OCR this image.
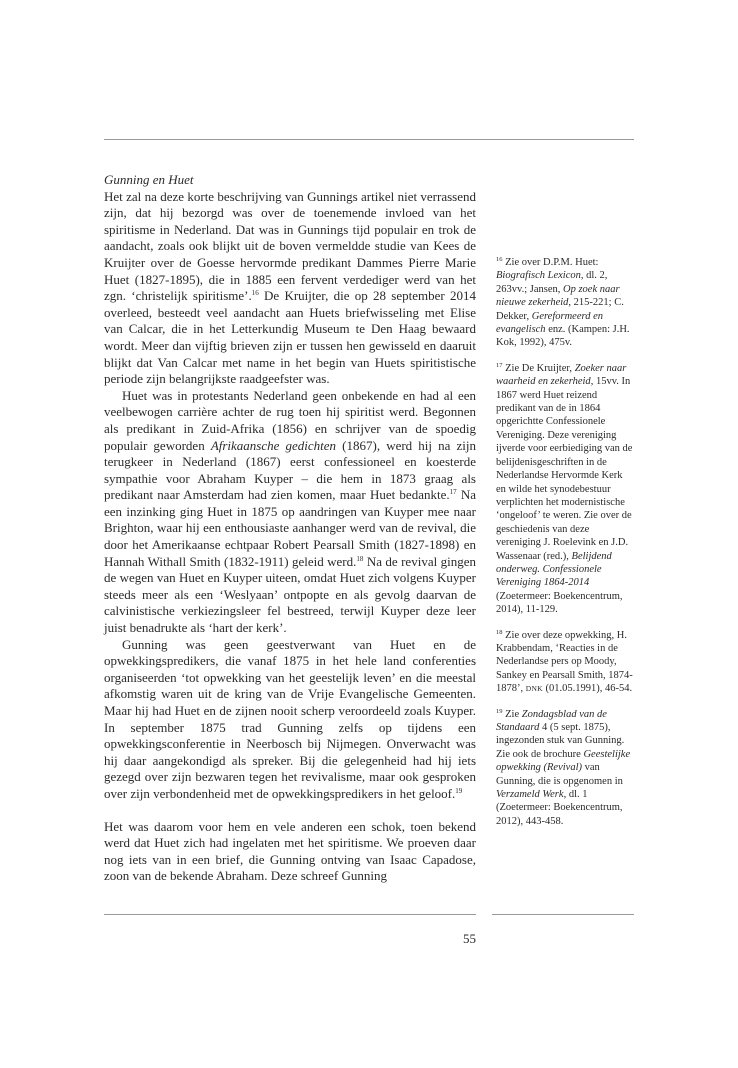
Gunning en Huet

Het zal na deze korte beschrijving van Gunnings artikel niet verrassend zijn, dat hij bezorgd was over de toenemende invloed van het spiritisme in Nederland. Dat was in Gunnings tijd populair en trok de aandacht, zoals ook blijkt uit de boven vermeldde studie van Kees de Kruijter over de Goesse hervormde predikant Dammes Pierre Marie Huet (1827-1895), die in 1885 een fervent verdediger werd van het zgn. ‘christelijk spiritisme’.$^{16}$ De Kruijter, die op 28 september 2014 overleed, besteedt veel aandacht aan Huets briefwisseling met Elise van Calcar, die in het Letterkundig Museum te Den Haag bewaard wordt. Meer dan vijftig brieven zijn er tussen hen gewisseld en daaruit blijkt dat Van Calcar met name in het begin van Huets spiritistische periode zijn belangrijkste raadgeefster was.

Huet was in protestants Nederland geen onbekende en had al een veelbewogen carrière achter de rug toen hij spiritist werd. Begonnen als predikant in Zuid-Afrika (1856) en schrijver van de spoedig populair geworden Afrikaansche gedichten (1867), werd hij na zijn terugkeer in Nederland (1867) eerst confessioneel en koesterde sympathie voor Abraham Kuyper – die hem in 1873 graag als predikant naar Amsterdam had zien komen, maar Huet bedankte.$^{17}$ Na een inzinking ging Huet in 1875 op aandringen van Kuyper mee naar Brighton, waar hij een enthousiaste aanhanger werd van de revival, die door het Amerikaanse echtpaar Robert Pearsall Smith (1827-1898) en Hannah Withall Smith (1832-1911) geleid werd.$^{18}$ Na de revival gingen de wegen van Huet en Kuyper uiteen, omdat Huet zich volgens Kuyper steeds meer als een ‘Weslyaan’ ontpopte en als gevolg daarvan de calvinistische verkiezingsleer fel bestreed, terwijl Kuyper deze leer juist benadrukte als ‘hart der kerk’.

Gunning was geen geestverwant van Huet en de opwekkingspredikers, die vanaf 1875 in het hele land conferenties organiseerden ‘tot opwekking van het geestelijk leven’ en die meestal afkomstig waren uit de kring van de Vrije Evangelische Gemeenten. Maar hij had Huet en de zijnen nooit scherp veroordeeld zoals Kuyper. In september 1875 trad Gunning zelfs op tijdens een opwekkingsconferentie in Neerbosch bij Nijmegen. Onverwacht was hij daar aangekondigd als spreker. Bij die gelegenheid had hij iets gezegd over zijn bezwaren tegen het revivalisme, maar ook gesproken over zijn verbondenheid met de opwekkingspredikers in het geloof.$^{19}$

Het was daarom voor hem en vele anderen een schok, toen bekend werd dat Huet zich had ingelaten met het spiritisme. We proeven daar nog iets van in een brief, die Gunning ontving van Isaac Capadose, zoon van de bekende Abraham. Deze schreef Gunning

$^{16}$ Zie over D.P.M. Huet: Biografisch Lexicon, dl. 2, 263vv.; Jansen, Op zoek naar nieuwe zekerheid, 215-221; C. Dekker, Gereformeerd en evangelisch enz. (Kampen: J.H. Kok, 1992), 475v.

$^{17}$ Zie De Kruijter, Zoeker naar waarheid en zekerheid, 15vv. In 1867 werd Huet reizend predikant van de in 1864 opgerichtte Confessionele Vereniging. Deze vereniging ijverde voor eerbiediging van de belijdenisgeschriften in de Nederlandse Hervormde Kerk en wilde het synodebestuur verplichten het modernistische ‘ongeloof’ te weren. Zie over de geschiedenis van deze vereniging J. Roelevink en J.D. Wassenaar (red.), Belijdend onderweg. Confessionele Vereniging 1864-2014 (Zoetermeer: Boekencentrum, 2014), 11-129.

$^{18}$ Zie over deze opwekking, H. Krabbendam, ‘Reacties in de Nederlandse pers op Moody, Sankey en Pearsall Smith, 1874-1878’, DNK (01.05.1991), 46-54.

$^{19}$ Zie Zondagsblad van de Standaard 4 (5 sept. 1875), ingezonden stuk van Gunning. Zie ook de brochure Geestelijke opwekking (Revival) van Gunning, die is opgenomen in Verzameld Werk, dl. 1 (Zoetermeer: Boekencentrum, 2012), 443-458.

55
